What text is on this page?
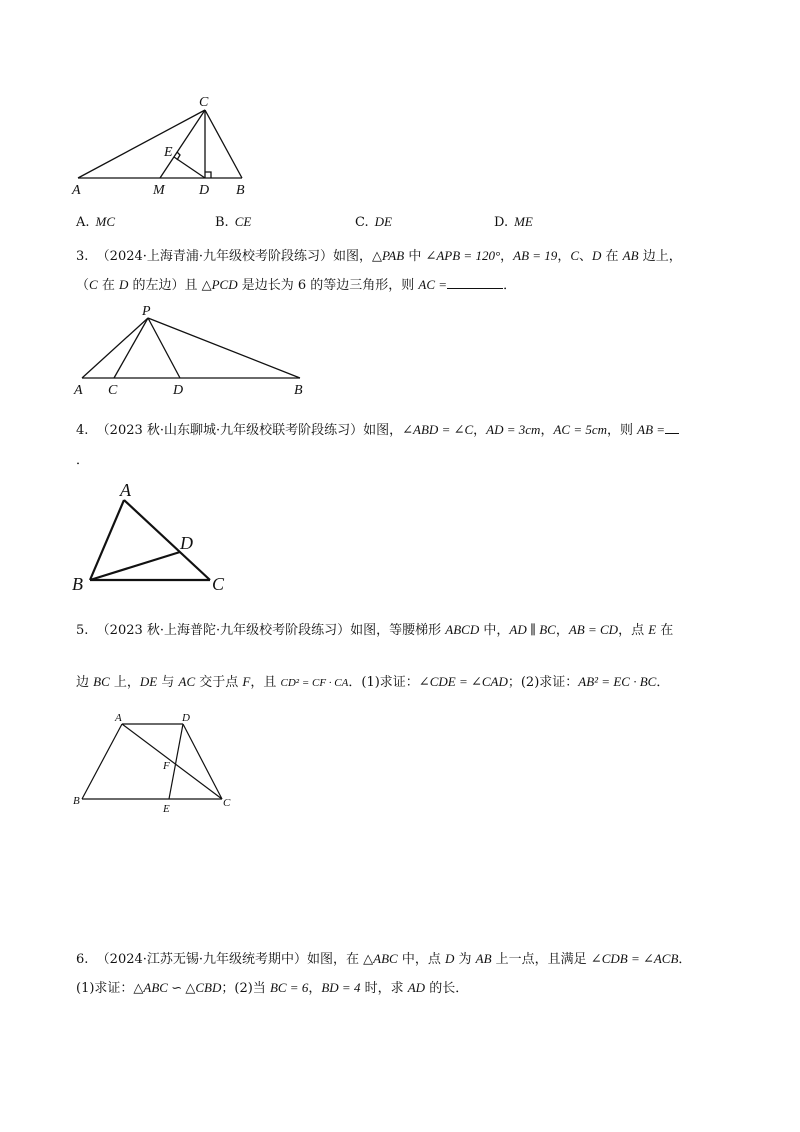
C
E
A	M D B
A. MC	B. CE	C. DE	D. ME
3. （2024·上海青浦·九年级校考阶段练习）如图，△PAB 中 ∠APB = 120°，AB = 19，C、D 在 AB 边上，
（C 在 D 的左边）且 △PCD 是边长为 6 的等边三角形，则 AC =	．
P
A C	D	B
4. （2023 秋·山东聊城·九年级校联考阶段练习）如图，∠ABD = ∠C，AD = 3cm，AC = 5cm，则 AB =
．
A
D
B	C
5. （2023 秋·上海普陀·九年级校考阶段练习）如图，等腰梯形 ABCD 中，AD ∥ BC，AB = CD，点 E 在
边 BC 上，DE 与 AC 交于点 F，且 CD² = CF · CA．(1)求证：∠CDE = ∠CAD；(2)求证：AB² = EC · BC．
A	D
F
B
E	C
6. （2024·江苏无锡·九年级统考期中）如图，在 △ABC 中，点 D 为 AB 上一点，且满足 ∠CDB = ∠ACB．
(1)求证：△ABC ∽ △CBD；(2)当 BC = 6，BD = 4 时，求 AD 的长．
